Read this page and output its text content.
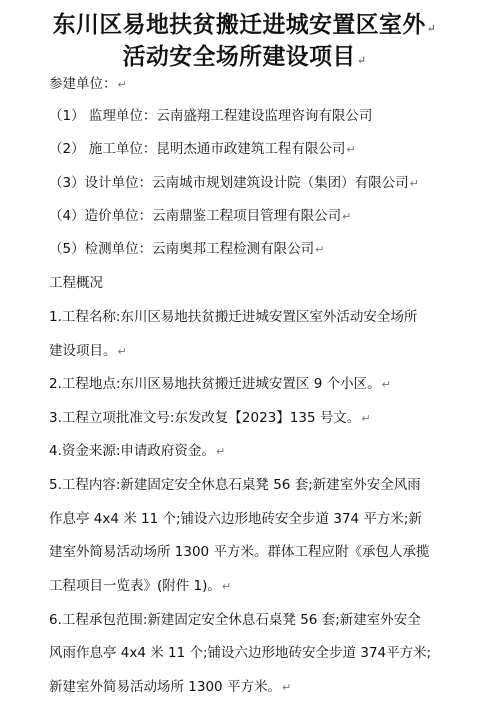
东川区易地扶贫搬迁进城安置区室外↵
活动安全场所建设项目↵
参建单位：↵
（1） 监理单位：云南盛翔工程建设监理咨询有限公司
（2） 施工单位：昆明杰通市政建筑工程有限公司↵
（3）设计单位：云南城市规划建筑设计院（集团）有限公司↵
（4）造价单位：云南鼎鉴工程项目管理有限公司↵
（5）检测单位：云南奥邦工程检测有限公司↵
工程概况
1.工程名称:东川区易地扶贫搬迁进城安置区室外活动安全场所
建设项目。↵
2.工程地点:东川区易地扶贫搬迁进城安置区 9 个小区。↵
3.工程立项批准文号:东发改复【2023】135 号文。↵
4.资金来源:申请政府资金。↵
5.工程内容:新建固定安全休息石桌凳 56 套;新建室外安全风雨
作息亭 4x4 米 11 个;铺设六边形地砖安全步道 374 平方米;新
建室外简易活动场所 1300 平方米。群体工程应附《承包人承揽
工程项目一览表》(附件 1)。↵
6.工程承包范围:新建固定安全休息石桌凳 56 套;新建室外安全
风雨作息亭 4x4 米 11 个;铺设六边形地砖安全步道 374平方米;
新建室外简易活动场所 1300 平方米。↵
